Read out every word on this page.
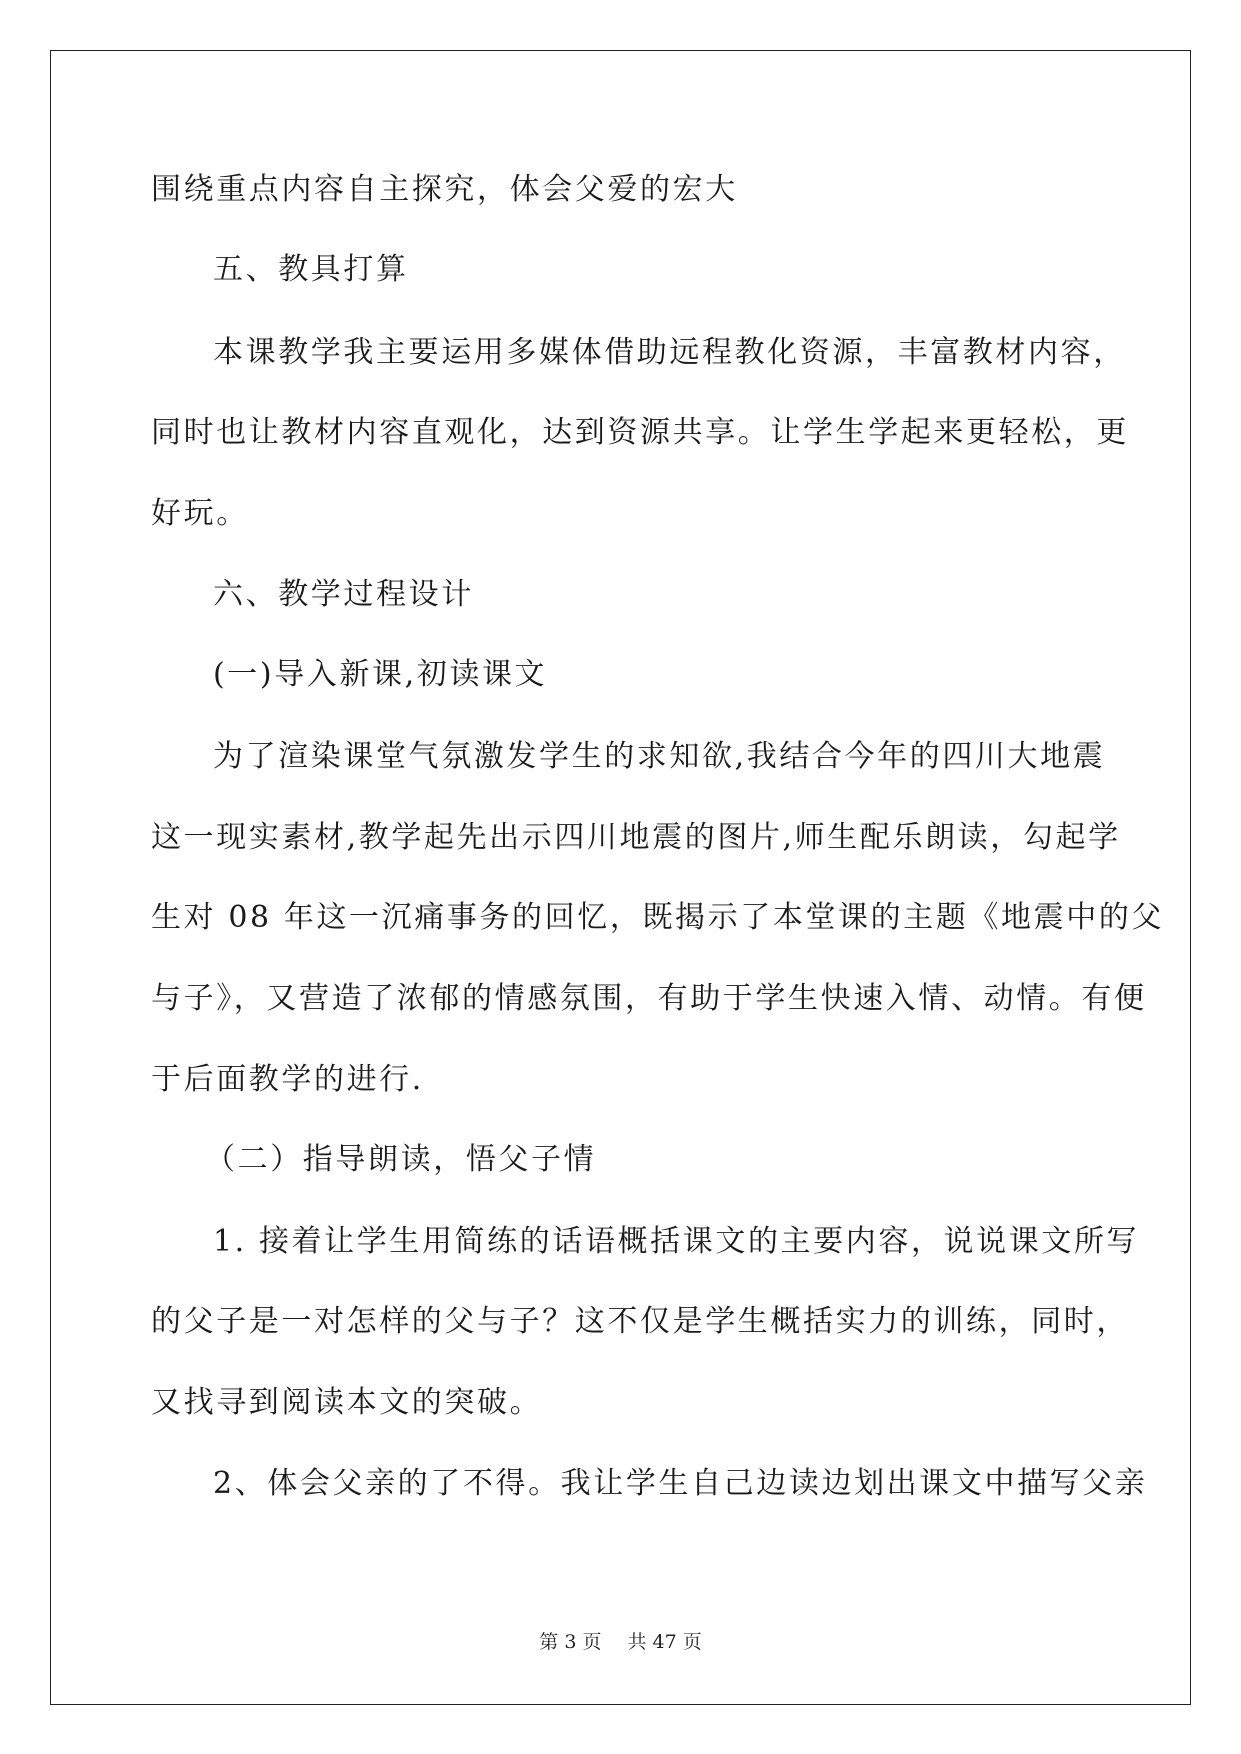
围绕重点内容自主探究，体会父爱的宏大
五、教具打算
本课教学我主要运用多媒体借助远程教化资源，丰富教材内容，
同时也让教材内容直观化，达到资源共享。让学生学起来更轻松，更
好玩。
六、教学过程设计
(一)导入新课,初读课文
为了渲染课堂气氛激发学生的求知欲,我结合今年的四川大地震
这一现实素材,教学起先出示四川地震的图片,师生配乐朗读，勾起学
生对 08 年这一沉痛事务的回忆，既揭示了本堂课的主题《地震中的父
与子》，又营造了浓郁的情感氛围，有助于学生快速入情、动情。有便
于后面教学的进行.
（二）指导朗读，悟父子情
1. 接着让学生用简练的话语概括课文的主要内容，说说课文所写
的父子是一对怎样的父与子？这不仅是学生概括实力的训练，同时，
又找寻到阅读本文的突破。
2、体会父亲的了不得。我让学生自己边读边划出课文中描写父亲
第 3 页 共 47 页
